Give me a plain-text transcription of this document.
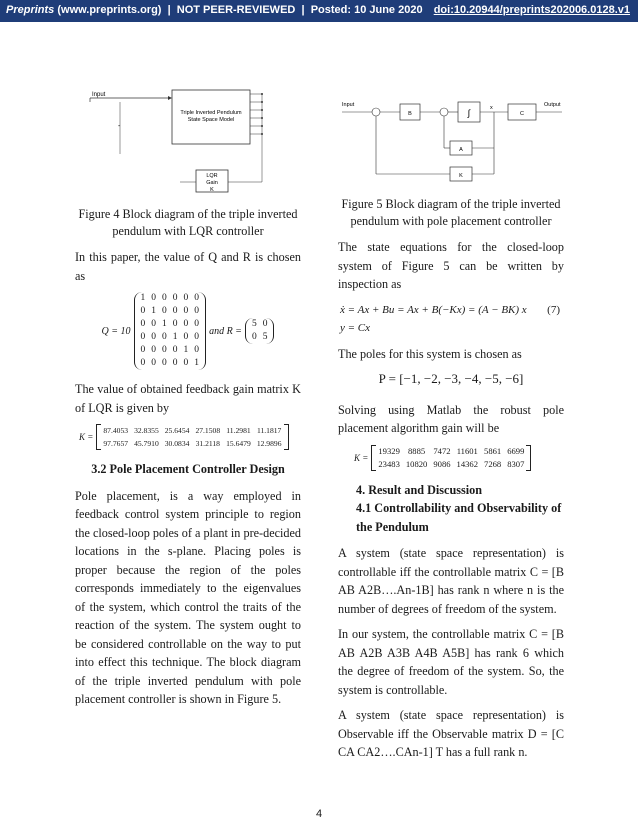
Preprints (www.preprints.org)  |  NOT PEER-REVIEWED  |  Posted: 10 June 2020 doi:10.20944/preprints202006.0128.v1
Input
-
Triple Inverted Pendulum
State Space Model
LQR
Gain
K
Input	Output
B	∫	x
C
A
K
Figure 4 Block diagram of the triple inverted pendulum with LQR controller

In this paper, the value of Q and R is chosen as

Q = 10
1	0	0	0	0	0
0	1	0	0	0	0
0	0	1	0	0	0
0	0	0	1	0	0
0	0	0	0	1	0
0	0	0	0	0	1
and R =
5	0
0	5

The value of obtained feedback gain matrix K of LQR is given by

K =
87.4053	32.8355	25.6454	27.1508	11.2981	11.1817
97.7657	45.7910	30.0834	31.2118	15.6479	12.9896
3.2 Pole Placement Controller Design

Pole placement, is a way employed in feedback control system principle to region the closed-loop poles of a plant in pre-decided locations in the s-plane. Placing poles is proper because the region of the poles corresponds immediately to the eigenvalues of the system, which control the traits of the reaction of the system. The system ought to be considered controllable on the way to put into effect this technique. The block diagram of the triple inverted pendulum with pole placement controller is shown in Figure 5.

Figure 5 Block diagram of the triple inverted pendulum with pole placement controller

The state equations for the closed-loop system of Figure 5 can be written by inspection as

ẋ = Ax + Bu = Ax + B(−Kx) = (A − BK) x (7)
y = Cx

The poles for this system is chosen as

P = [−1, −2, −3, −4, −5, −6]

Solving using Matlab the robust pole placement algorithm gain will be

K =
19329	8885	7472	11601	5861	6699
23483	10820	9086	14362	7268	8307
4. Result and Discussion
4.1 Controllability and Observability of the Pendulum

A system (state space representation) is controllable iff the controllable matrix C = [B AB A2B….An-1B] has rank n where n is the number of degrees of freedom of the system.

In our system, the controllable matrix C = [B AB A2B A3B A4B A5B] has rank 6 which the degree of freedom of the system. So, the system is controllable.

A system (state space representation) is Observable iff the Observable matrix D = [C CA CA2….CAn-1] T has a full rank n.

4
